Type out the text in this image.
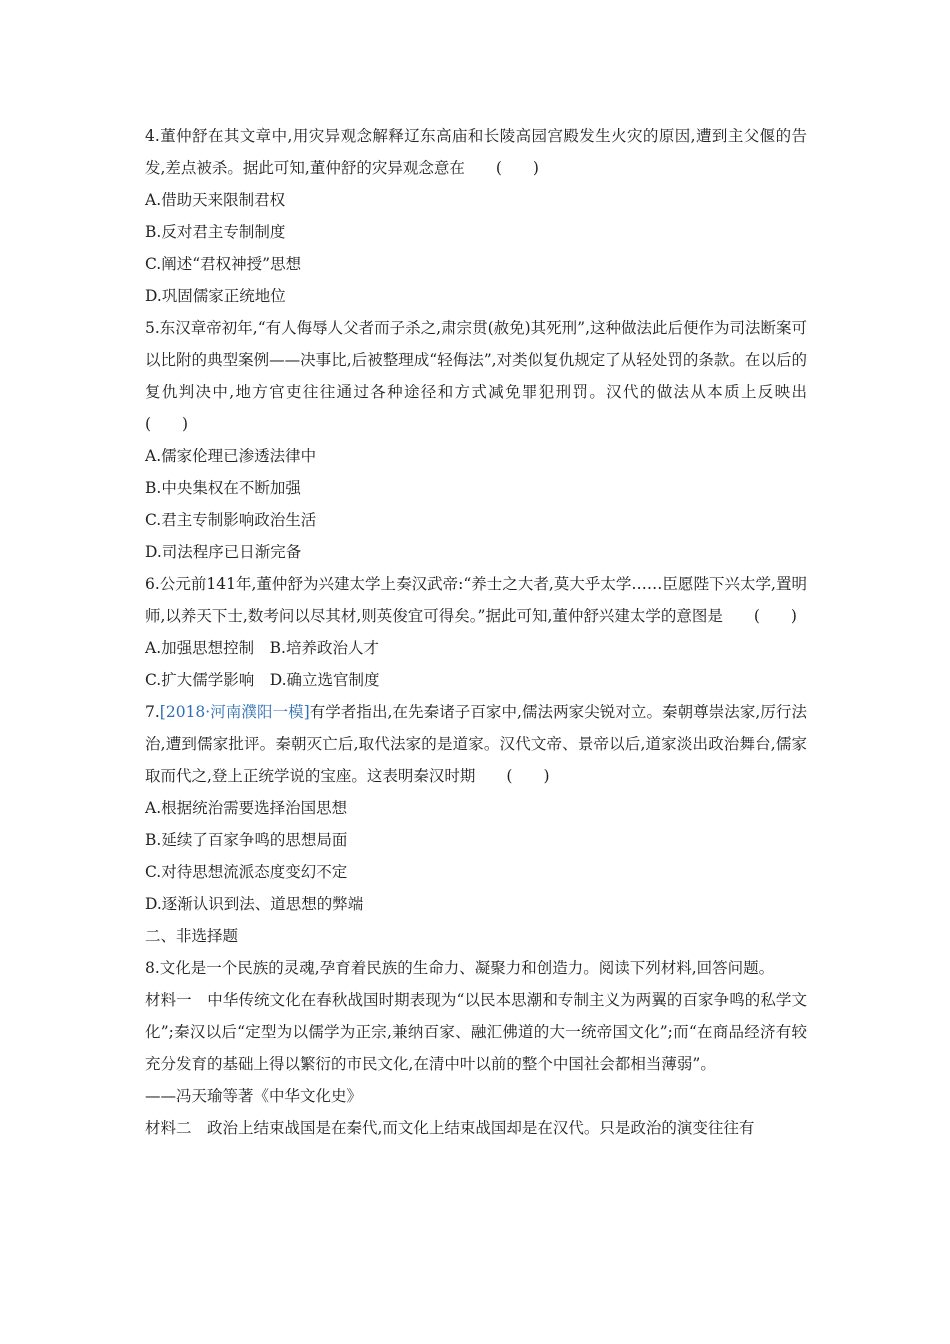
4.董仲舒在其文章中,用灾异观念解释辽东高庙和长陵高园宫殿发生火灾的原因,遭到主父偃的告发,差点被杀。据此可知,董仲舒的灾异观念意在　　(　　)

A.借助天来限制君权

B.反对君主专制制度

C.阐述“君权神授”思想

D.巩固儒家正统地位

5.东汉章帝初年,“有人侮辱人父者而子杀之,肃宗贯(赦免)其死刑”,这种做法此后便作为司法断案可以比附的典型案例——决事比,后被整理成“轻侮法”,对类似复仇规定了从轻处罚的条款。在以后的复仇判决中,地方官吏往往通过各种途径和方式减免罪犯刑罚。汉代的做法从本质上反映出　　(　　)

A.儒家伦理已渗透法律中

B.中央集权在不断加强

C.君主专制影响政治生活

D.司法程序已日渐完备

6.公元前141年,董仲舒为兴建太学上奏汉武帝:“养士之大者,莫大乎太学……臣愿陛下兴太学,置明师,以养天下士,数考问以尽其材,则英俊宜可得矣。”据此可知,董仲舒兴建太学的意图是　　(　　)

A.加强思想控制　B.培养政治人才

C.扩大儒学影响　D.确立选官制度

7.[2018·河南濮阳一模]有学者指出,在先秦诸子百家中,儒法两家尖锐对立。秦朝尊崇法家,厉行法治,遭到儒家批评。秦朝灭亡后,取代法家的是道家。汉代文帝、景帝以后,道家淡出政治舞台,儒家取而代之,登上正统学说的宝座。这表明秦汉时期　　(　　)

A.根据统治需要选择治国思想

B.延续了百家争鸣的思想局面

C.对待思想流派态度变幻不定

D.逐渐认识到法、道思想的弊端

二、非选择题

8.文化是一个民族的灵魂,孕育着民族的生命力、凝聚力和创造力。阅读下列材料,回答问题。

材料一　中华传统文化在春秋战国时期表现为“以民本思潮和专制主义为两翼的百家争鸣的私学文化”;秦汉以后“定型为以儒学为正宗,兼纳百家、融汇佛道的大一统帝国文化”;而“在商品经济有较充分发育的基础上得以繁衍的市民文化,在清中叶以前的整个中国社会都相当薄弱”。

——冯天瑜等著《中华文化史》

材料二　政治上结束战国是在秦代,而文化上结束战国却是在汉代。只是政治的演变往往有
